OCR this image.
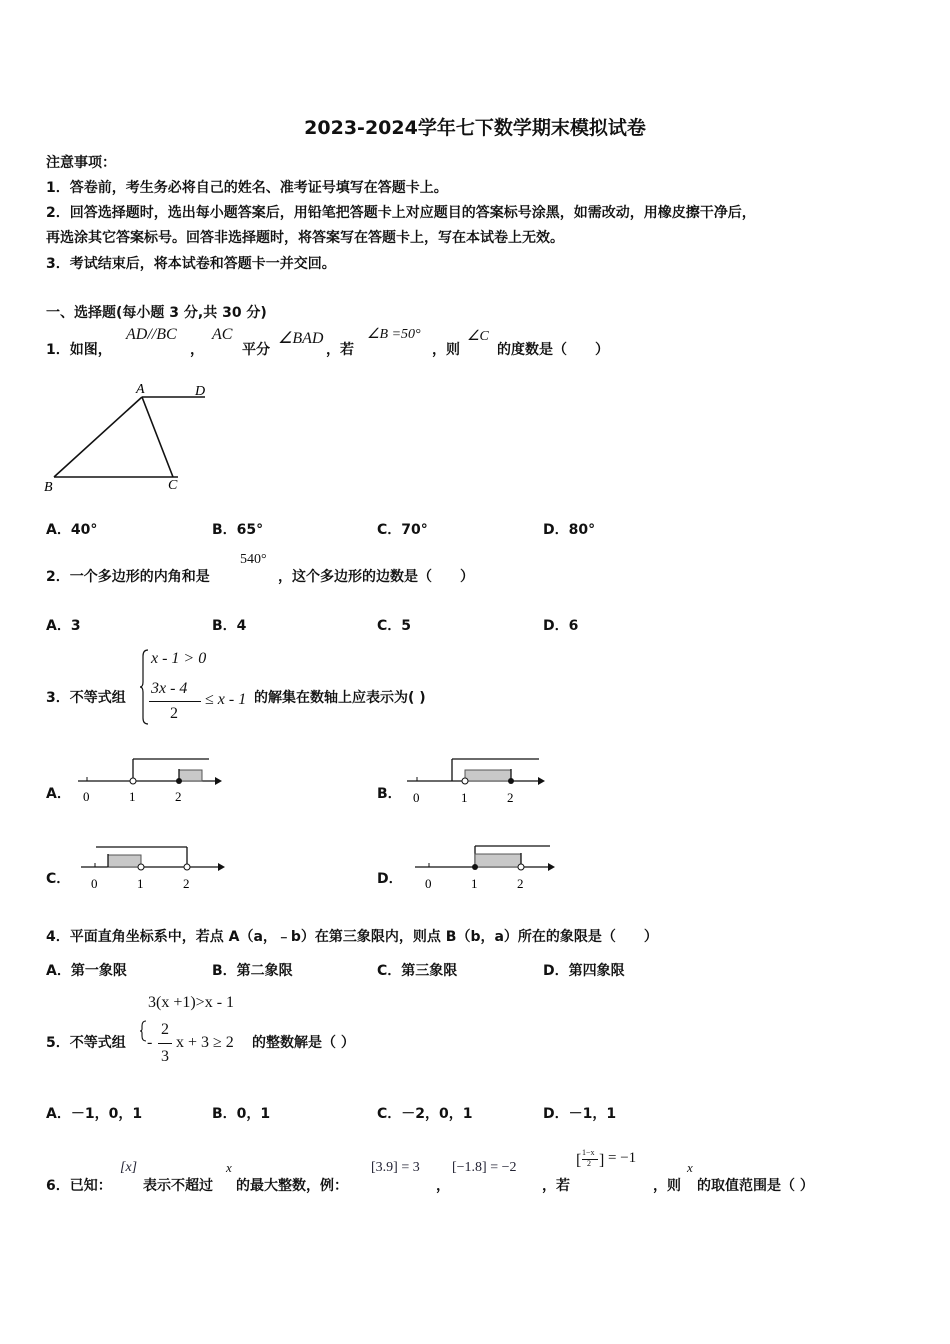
2023-2024学年七下数学期末模拟试卷
注意事项：
1．答卷前，考生务必将自己的姓名、准考证号填写在答题卡上。
2．回答选择题时，选出每小题答案后，用铅笔把答题卡上对应题目的答案标号涂黑，如需改动，用橡皮擦干净后，
再选涂其它答案标号。回答非选择题时，将答案写在答题卡上，写在本试卷上无效。
3．考试结束后，将本试卷和答题卡一并交回。
一、选择题(每小题 3 分,共 30 分)
1．如图，
AD//BC
，
AC
平分
∠BAD
，若
∠B =50°
，则
∠C
的度数是（　　）
A	D
B	C
A．40°	B．65°	C．70°	D．80°
2．一个多边形的内角和是
540°
，这个多边形的边数是（　　）
A．3	B．4	C．5	D．6
3．不等式组
x - 1 > 0
3x - 4
2
≤ x - 1 的解集在数轴上应表示为( )
A． 0	1	2	B． 0	1	2
C． 0	1	2	D． 0	1	2
4．平面直角坐标系中，若点 A（a，﹣b）在第三象限内，则点 B（b，a）所在的象限是（　　）
A．第一象限	B．第二象限	C．第三象限	D．第四象限
3(x +1)>x - 1
5．不等式组 -
2
3
x + 3 ≥ 2 的整数解是（ ）
A．－1，0，1	B．0，1	C．－2，0，1	D．－1，1
6．已知：
[x]
表示不超过
x
的最大整数，例：
[3.9] = 3
，
[−1.8] = −2
，若
[ 1−x
2 ] = −1
，则
x
的取值范围是（ ）
